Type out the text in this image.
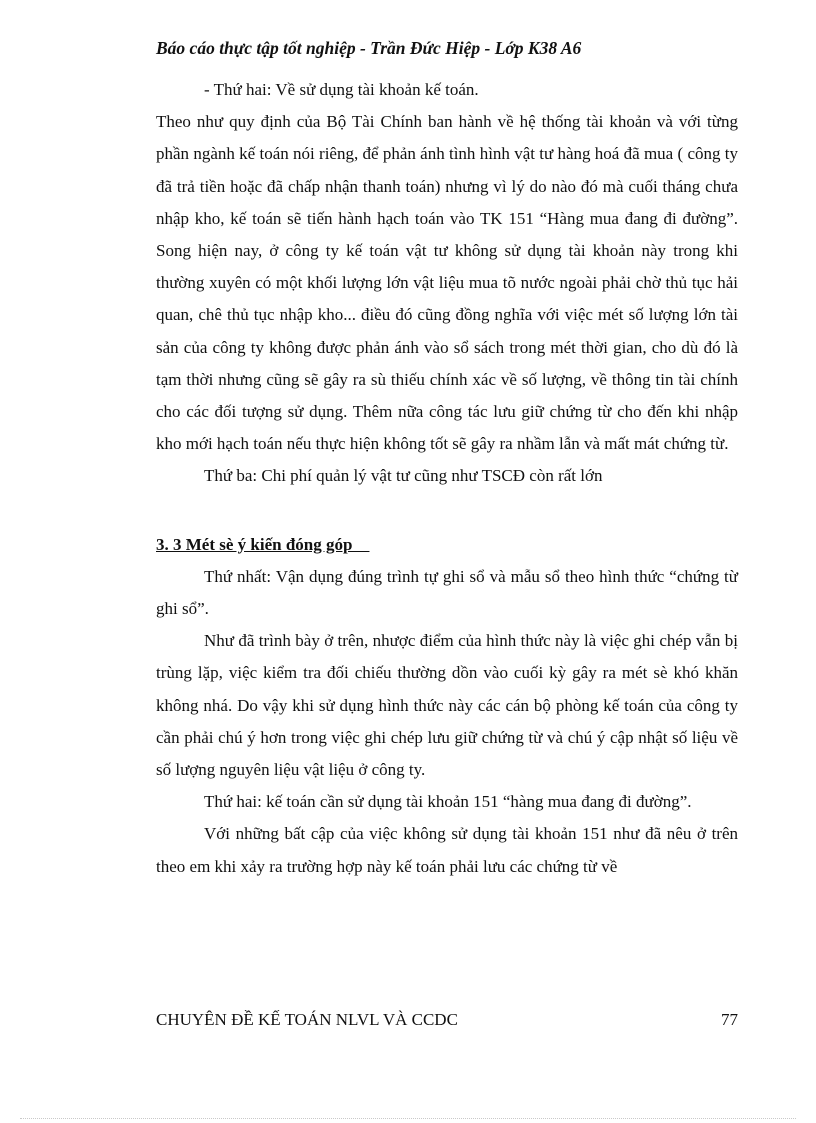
Báo cáo thực tập tốt nghiệp - Trần Đức Hiệp - Lớp K38 A6

- Thứ hai: Về sử dụng tài khoản kế toán.

Theo như quy định của Bộ Tài Chính ban hành về hệ thống tài khoản và với từng phần ngành kế toán nói riêng, để phản ánh tình hình vật tư hàng hoá đã mua ( công ty đã trả tiền hoặc đã chấp nhận thanh toán) nhưng vì lý do nào đó mà cuối tháng chưa nhập kho, kế toán sẽ tiến hành hạch toán vào TK 151 “Hàng mua đang đi đường”. Song hiện nay, ở công ty kế toán vật tư không sử dụng tài khoản này trong khi thường xuyên có một khối lượng lớn vật liệu mua tõ nước ngoài phải chờ thủ tục hải quan, chê thủ tục nhập kho... điều đó cũng đồng nghĩa với việc mét số lượng lớn tài sản của công ty không được phản ánh vào sổ sách trong mét thời gian, cho dù đó là tạm thời nhưng cũng sẽ gây ra sù thiếu chính xác về số lượng, về thông tin tài chính cho các đối tượng sử dụng. Thêm nữa công tác lưu giữ chứng từ cho đến khi nhập kho mới hạch toán nếu thực hiện không tốt sẽ gây ra nhầm lẫn và mất mát chứng từ.

Thứ ba: Chi phí quản lý vật tư cũng như TSCĐ còn rất lớn

3. 3 Mét sè ý kiến đóng góp

Thứ nhất: Vận dụng đúng trình tự ghi sổ và mẫu sổ theo hình thức “chứng từ ghi sổ”.

Như đã trình bày ở trên, nhược điểm của hình thức này là việc ghi chép vẫn bị trùng lặp, việc kiểm tra đối chiếu thường dồn vào cuối kỳ gây ra mét sè khó khăn không nhá. Do vậy khi sử dụng hình thức này các cán bộ phòng kế toán của công ty cần phải chú ý hơn trong việc ghi chép lưu giữ chứng từ và chú ý cập nhật số liệu về số lượng nguyên liệu vật liệu ở công ty.

Thứ hai: kế toán cần sử dụng tài khoản 151 “hàng mua đang đi đường”.

Với những bất cập của việc không sử dụng tài khoản 151 như đã nêu ở trên theo em khi xảy ra trường hợp này kế toán phải lưu các chứng từ về

CHUYÊN ĐỀ KẾ TOÁN NLVL VÀ CCDC	77
